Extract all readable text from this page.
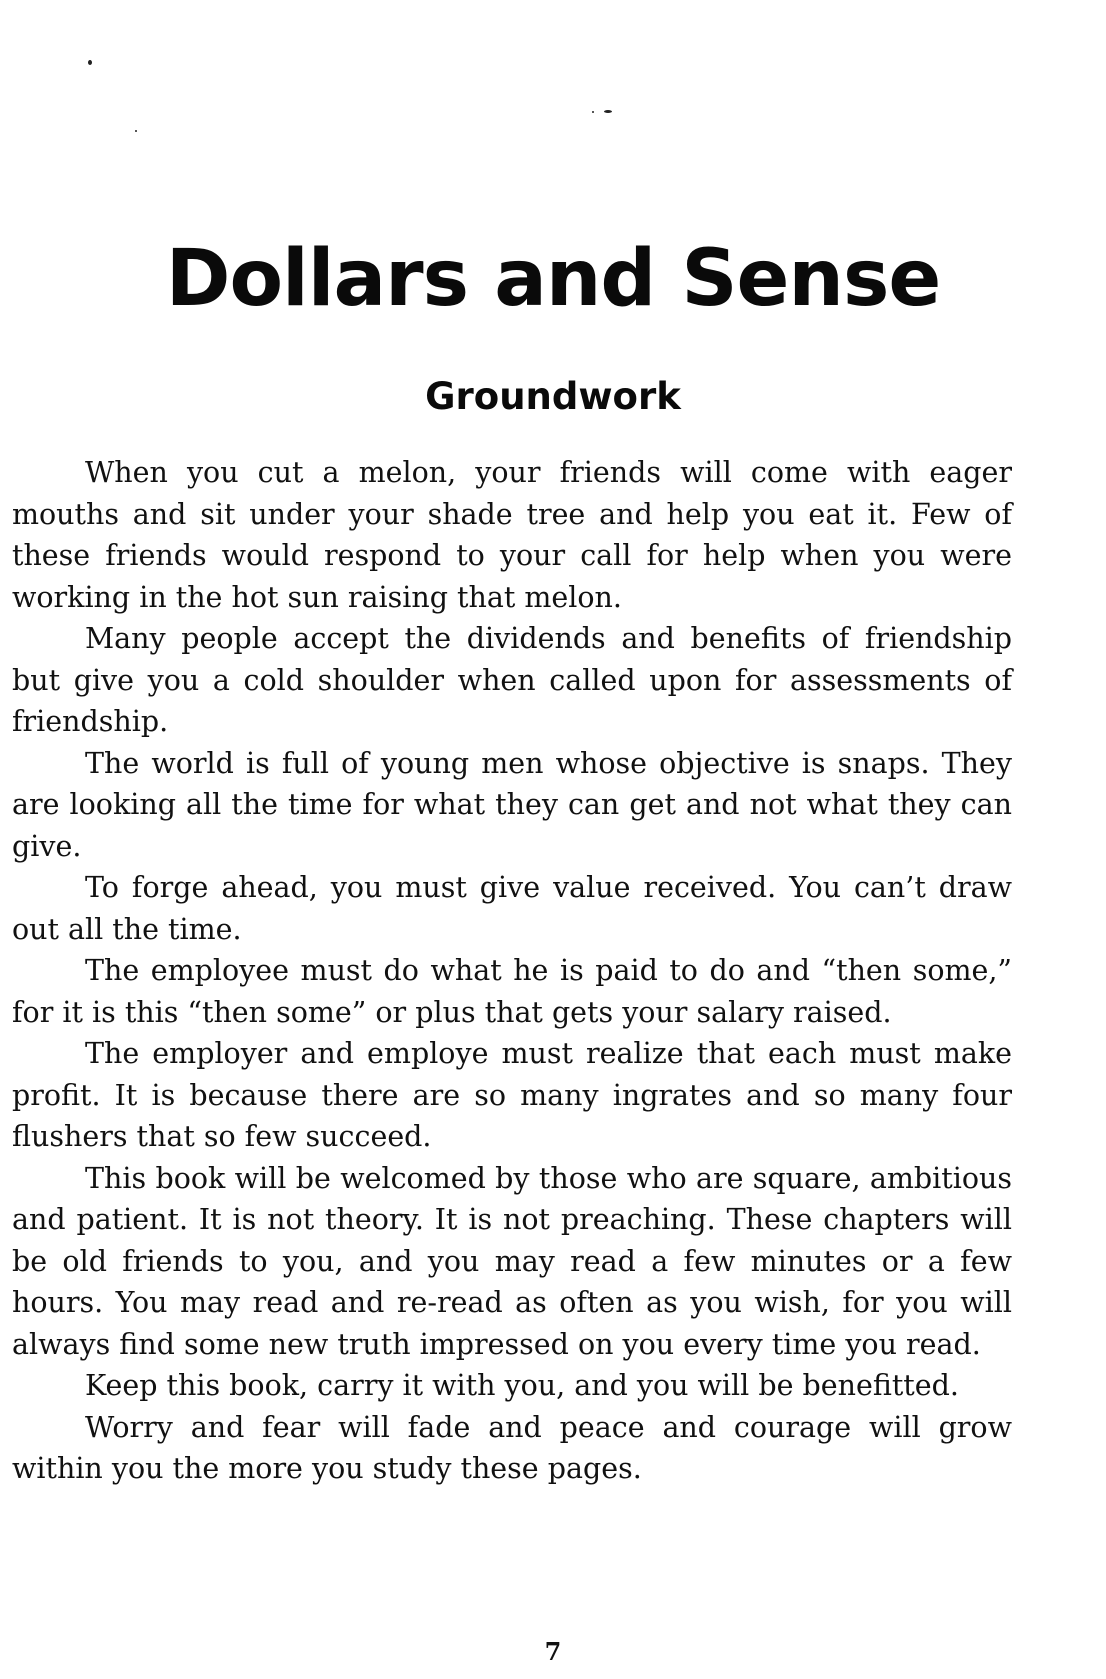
Dollars and Sense
Groundwork

When you cut a melon, your friends will come with eager mouths and sit under your shade tree and help you eat it. Few of these friends would respond to your call for help when you were working in the hot sun raising that melon.

Many people accept the dividends and benefits of friendship but give you a cold shoulder when called upon for assessments of friendship.

The world is full of young men whose objective is snaps. They are looking all the time for what they can get and not what they can give.

To forge ahead, you must give value received. You can’t draw out all the time.

The employee must do what he is paid to do and “then some,” for it is this “then some” or plus that gets your salary raised.

The employer and employe must realize that each must make profit. It is because there are so many ingrates and so many four flushers that so few succeed.

This book will be welcomed by those who are square, ambitious and patient. It is not theory. It is not preaching. These chapters will be old friends to you, and you may read a few minutes or a few hours. You may read and re-read as often as you wish, for you will always find some new truth impressed on you every time you read.

Keep this book, carry it with you, and you will be benefitted.

Worry and fear will fade and peace and courage will grow within you the more you study these pages.

7
